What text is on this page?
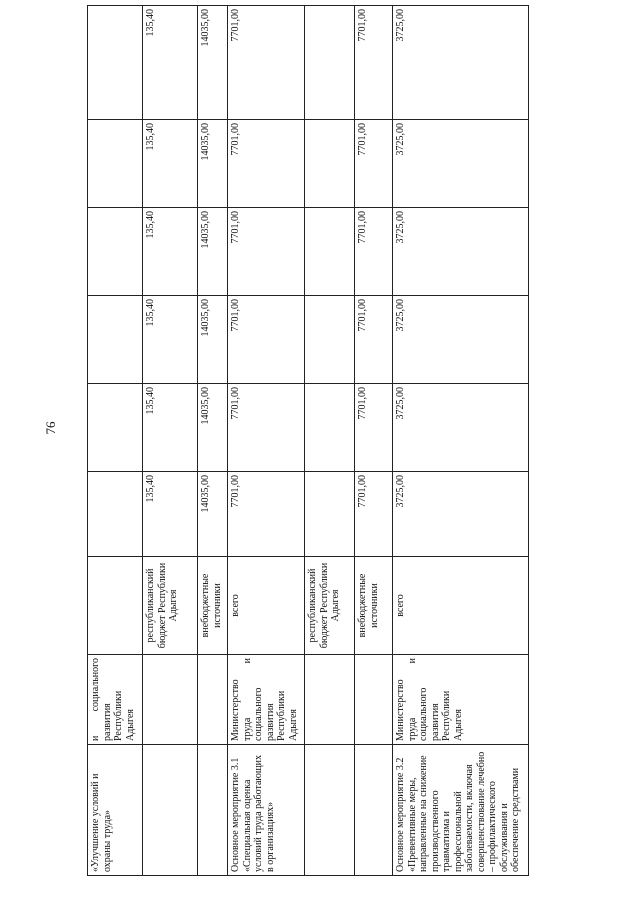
76
«Улучшение условий и охраны труда»	и социального развития Республики Адыгея							
		республиканский бюджет Республики Адыгея	135,40	135,40	135,40	135,40	135,40	135,40
		внебюджетные источники	14035,00	14035,00	14035,00	14035,00	14035,00	14035,00
Основное мероприятие 3.1 «Специальная оценка условий труда работающих в организациях»	Министерство труда и социального развития Республики Адыгея	всего	7701,00	7701,00	7701,00	7701,00	7701,00	7701,00
		республиканский бюджет Республики Адыгея						
		внебюджетные источники	7701,00	7701,00	7701,00	7701,00	7701,00	7701,00
Основное мероприятие 3.2 «Превентивные меры, направленные на снижение производственного травматизма и профессиональной заболеваемости, включая совершенствование лечебно – профилактического обслуживания и обеспечение средствами	Министерство труда и социального развития Республики Адыгея	всего	3725,00	3725,00	3725,00	3725,00	3725,00	3725,00
